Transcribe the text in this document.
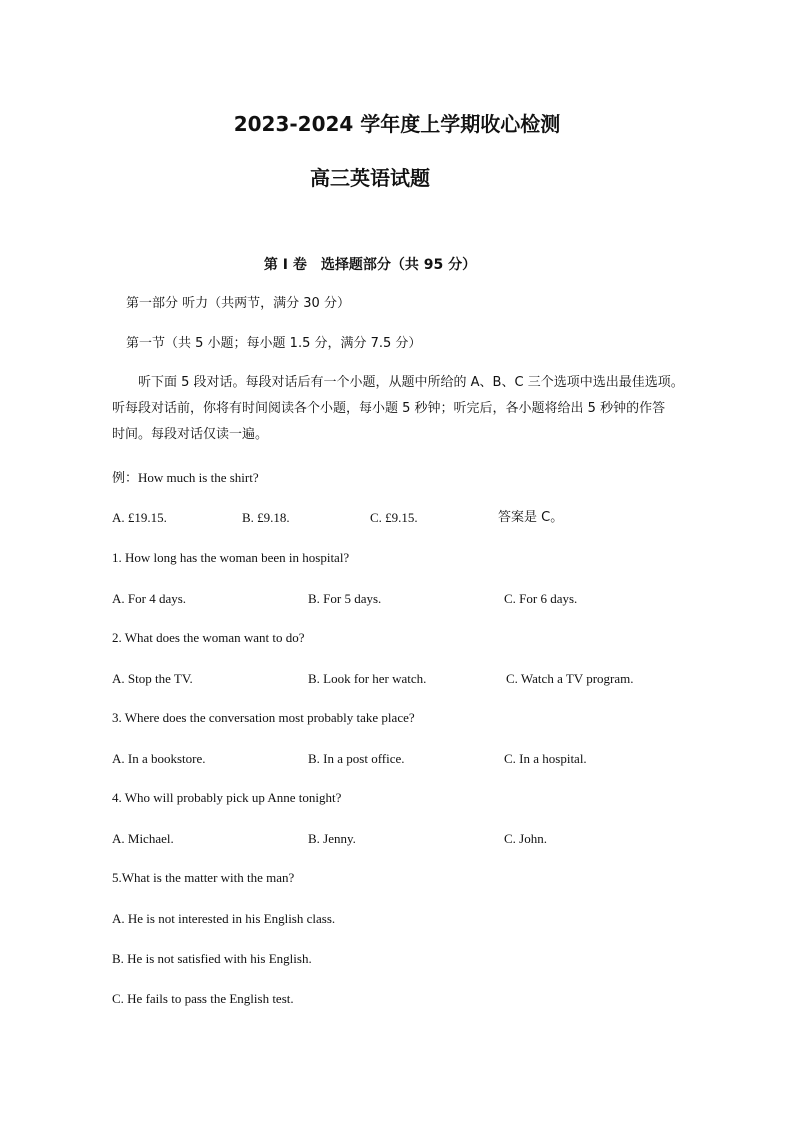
2023-2024 学年度上学期收心检测
高三英语试题
第 I 卷　选择题部分（共 95 分）
第一部分 听力（共两节，满分 30 分）
第一节（共 5 小题；每小题 1.5 分，满分 7.5 分）
听下面 5 段对话。每段对话后有一个小题，从题中所给的 A、B、C 三个选项中选出最佳选项。
听每段对话前，你将有时间阅读各个小题，每小题 5 秒钟；听完后，各小题将给出 5 秒钟的作答
时间。每段对话仅读一遍。
例：How much is the shirt?
A. £19.15.	B. £9.18.	C. £9.15.	答案是 C。
1. How long has the woman been in hospital?
A. For 4 days.	B. For 5 days.	C. For 6 days.
2. What does the woman want to do?
A. Stop the TV.	B. Look for her watch.	C. Watch a TV program.
3. Where does the conversation most probably take place?
A. In a bookstore.	B. In a post office.	C. In a hospital.
4. Who will probably pick up Anne tonight?
A. Michael.	B. Jenny.	C. John.
5.What is the matter with the man?
A. He is not interested in his English class.
B. He is not satisfied with his English.
C. He fails to pass the English test.
